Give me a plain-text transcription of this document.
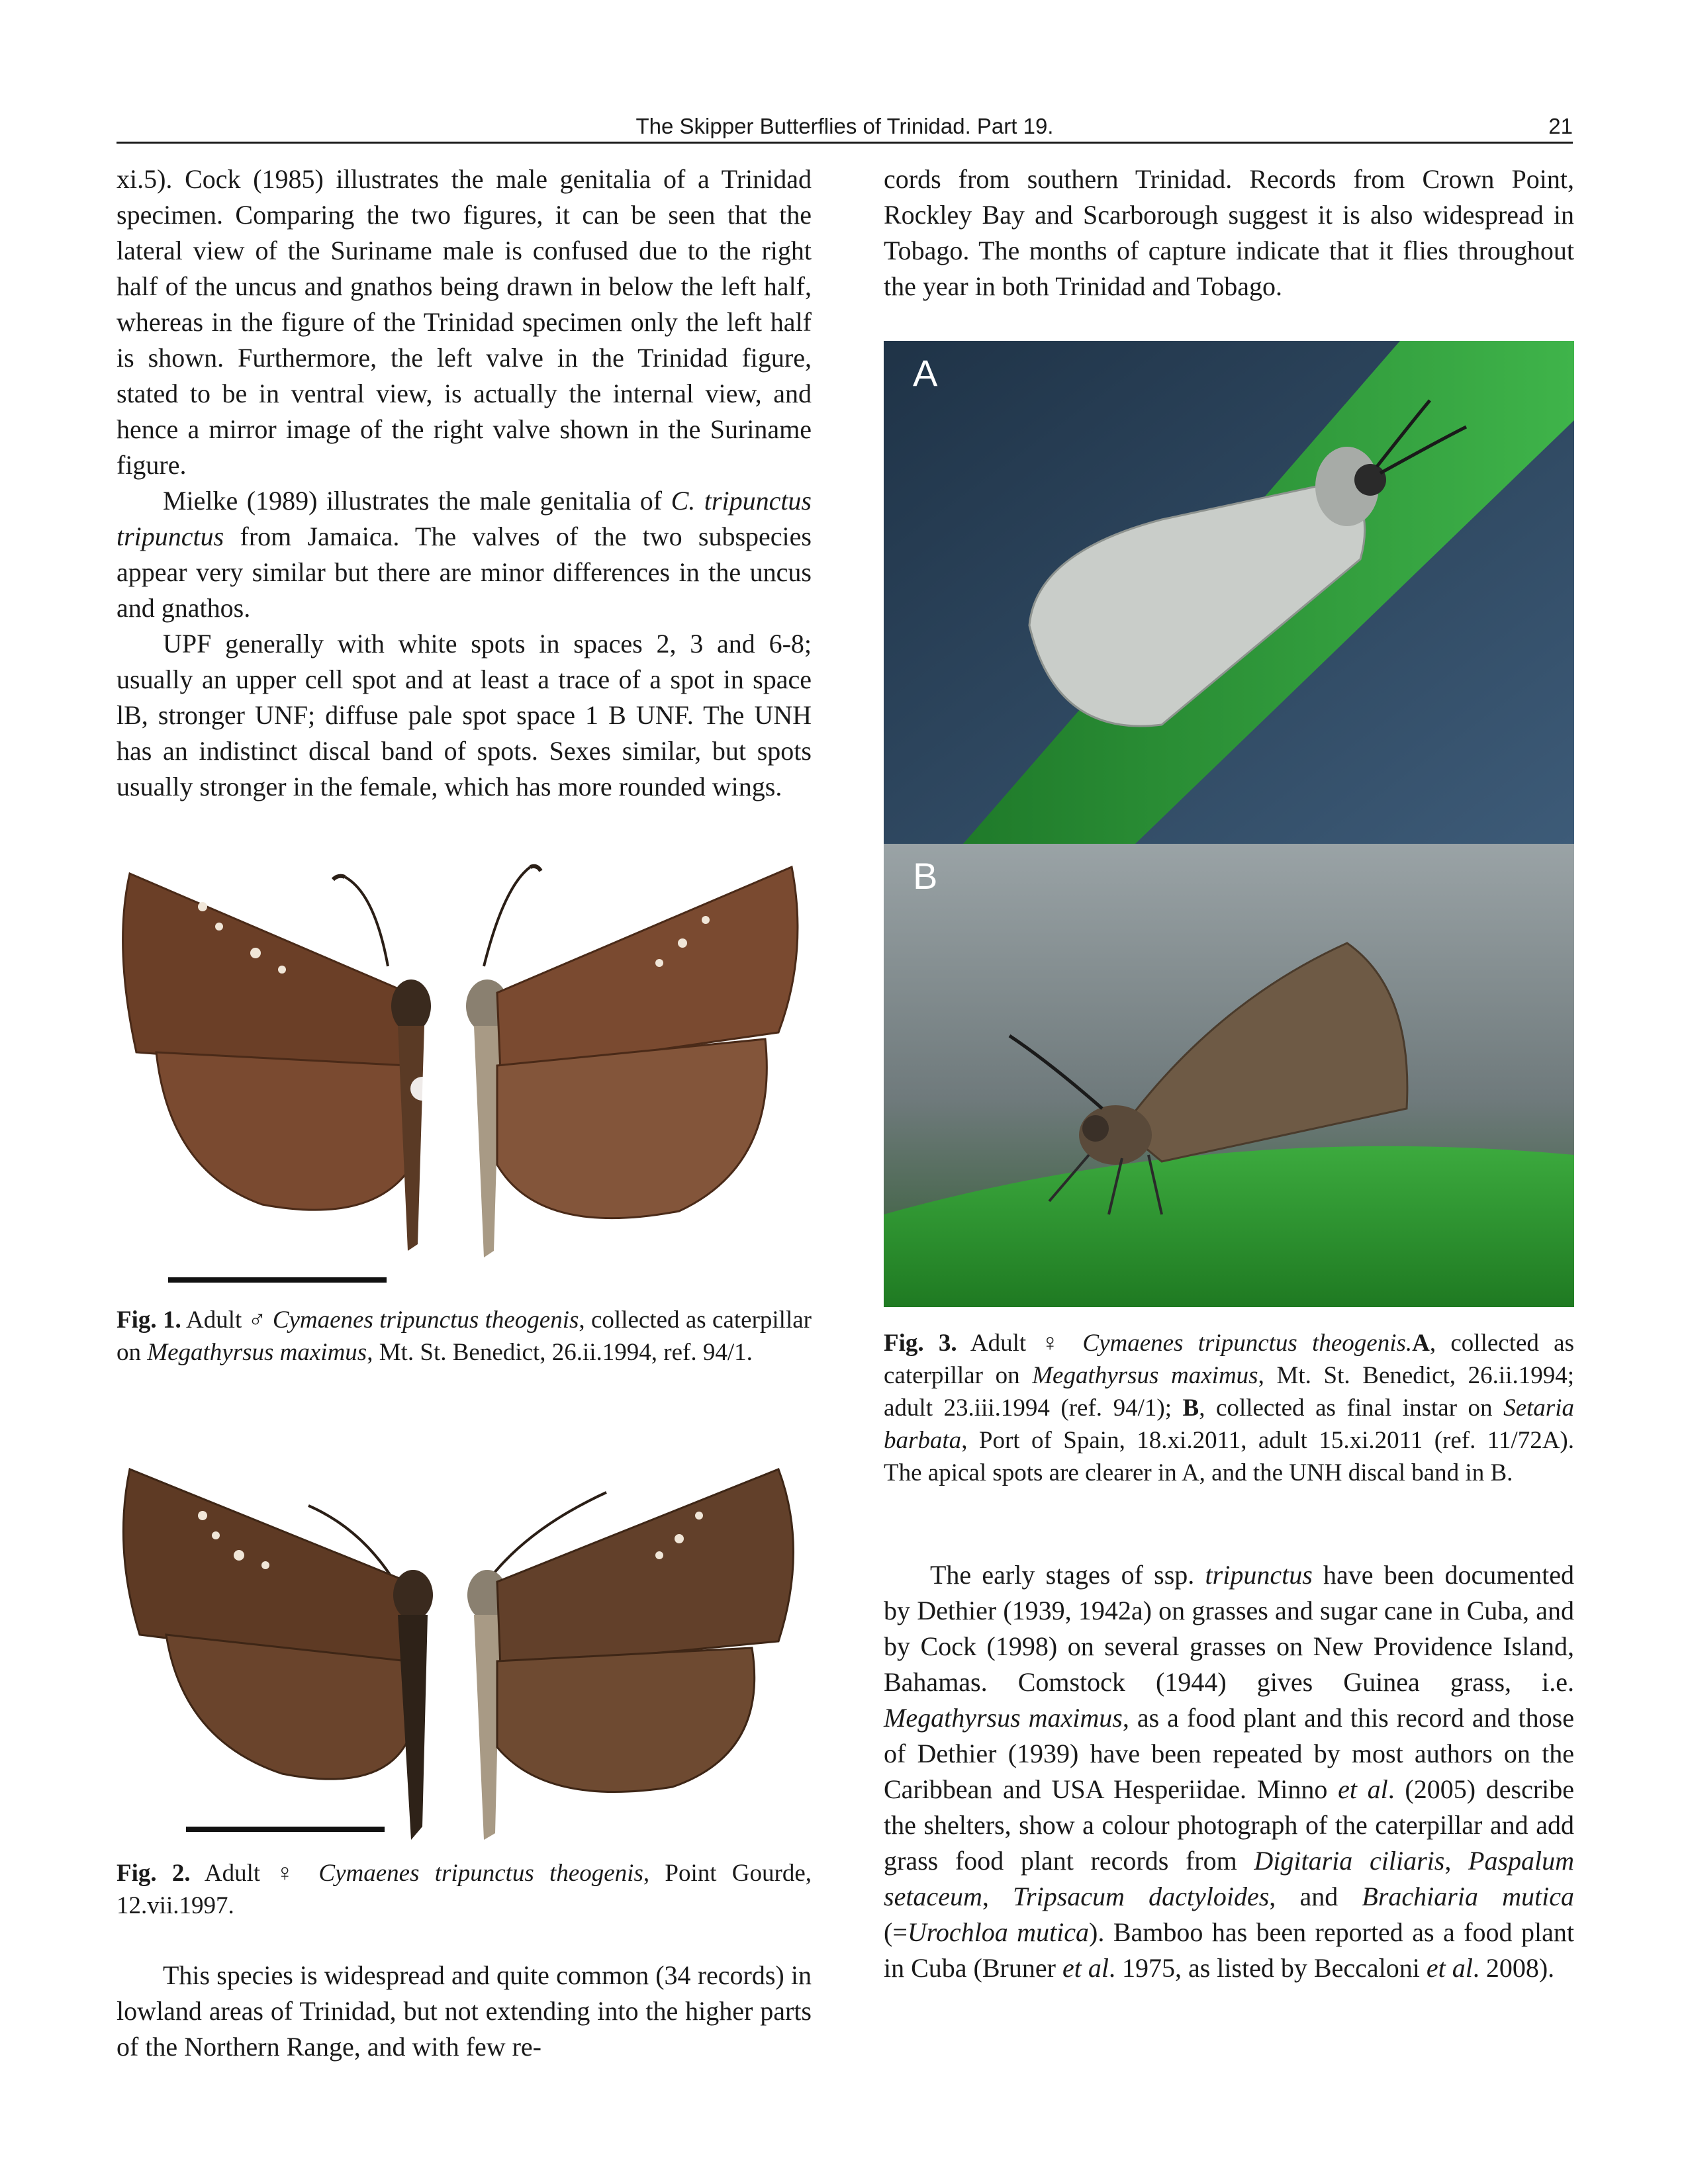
The Skipper Butterflies of Trinidad. Part 19.	21

xi.5). Cock (1985) illustrates the male genitalia of a Trinidad specimen. Comparing the two figures, it can be seen that the lateral view of the Suriname male is confused due to the right half of the uncus and gnathos being drawn in below the left half, whereas in the figure of the Trinidad specimen only the left half is shown. Furthermore, the left valve in the Trinidad figure, stated to be in ventral view, is actually the internal view, and hence a mirror image of the right valve shown in the Suriname figure.

Mielke (1989) illustrates the male genitalia of C. tripunctus tripunctus from Jamaica. The valves of the two subspecies appear very similar but there are minor differences in the uncus and gnathos.

UPF generally with white spots in spaces 2, 3 and 6-8; usually an upper cell spot and at least a trace of a spot in space lB, stronger UNF; diffuse pale spot space 1 B UNF. The UNH has an indistinct discal band of spots. Sexes similar, but spots usually stronger in the female, which has more rounded wings.

Fig. 1. Adult ♂ Cymaenes tripunctus theogenis, collected as caterpillar on Megathyrsus maximus, Mt. St. Benedict, 26.ii.1994, ref. 94/1.

Fig. 2. Adult ♀ Cymaenes tripunctus theogenis, Point Gourde, 12.vii.1997.

This species is widespread and quite common (34 records) in lowland areas of Trinidad, but not extending into the higher parts of the Northern Range, and with few re-

cords from southern Trinidad. Records from Crown Point, Rockley Bay and Scarborough suggest it is also widespread in Tobago. The months of capture indicate that it flies throughout the year in both Trinidad and Tobago.

A
B

Fig. 3. Adult ♀ Cymaenes tripunctus theogenis.A, collected as caterpillar on Megathyrsus maximus, Mt. St. Benedict, 26.ii.1994; adult 23.iii.1994 (ref. 94/1); B, collected as final instar on Setaria barbata, Port of Spain, 18.xi.2011, adult 15.xi.2011 (ref. 11/72A). The apical spots are clearer in A, and the UNH discal band in B.

The early stages of ssp. tripunctus have been documented by Dethier (1939, 1942a) on grasses and sugar cane in Cuba, and by Cock (1998) on several grasses on New Providence Island, Bahamas. Comstock (1944) gives Guinea grass, i.e. Megathyrsus maximus, as a food plant and this record and those of Dethier (1939) have been repeated by most authors on the Caribbean and USA Hesperiidae. Minno et al. (2005) describe the shelters, show a colour photograph of the caterpillar and add grass food plant records from Digitaria ciliaris, Paspalum setaceum, Tripsacum dactyloides, and Brachiaria mutica (=Urochloa mutica). Bamboo has been reported as a food plant in Cuba (Bruner et al. 1975, as listed by Beccaloni et al. 2008).
